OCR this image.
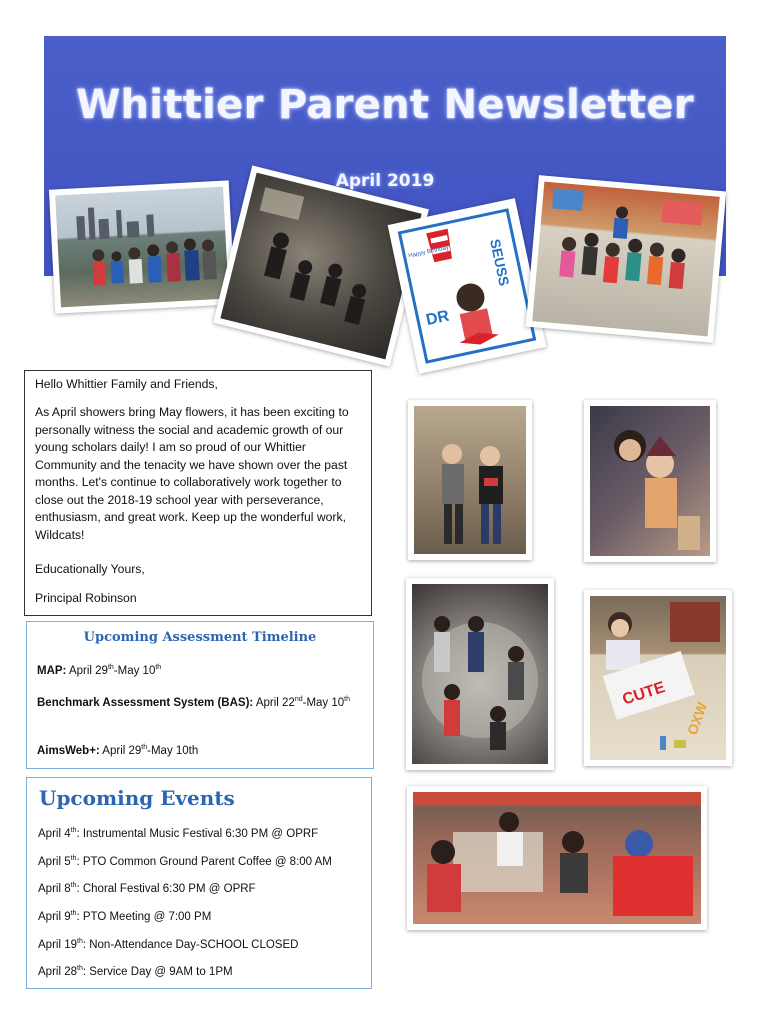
Whittier Parent Newsletter
April 2019
Happy Birthday
DR
SEUSS

Hello Whittier Family and Friends,

As April showers bring May flowers, it has been exciting to personally witness the social and academic growth of our young scholars daily! I am so proud of our Whittier Community and the tenacity we have shown over the past months. Let's continue to collaboratively work together to close out the 2018-19 school year with perseverance, enthusiasm, and great work. Keep up the wonderful work, Wildcats!

Educationally Yours,

Principal Robinson

Upcoming Assessment Timeline
MAP: April 29th-May 10th
Benchmark Assessment System (BAS): April 22nd-May 10th
AimsWeb+: April 29th-May 10th
Upcoming Events
April 4th: Instrumental Music Festival 6:30 PM @ OPRF
April 5th: PTO Common Ground Parent Coffee @ 8:00 AM
April 8th: Choral Festival 6:30 PM @ OPRF
April 9th: PTO Meeting @ 7:00 PM
April 19th: Non-Attendance Day-SCHOOL CLOSED
April 28th: Service Day @ 9AM to 1PM
CUTE
OXW
